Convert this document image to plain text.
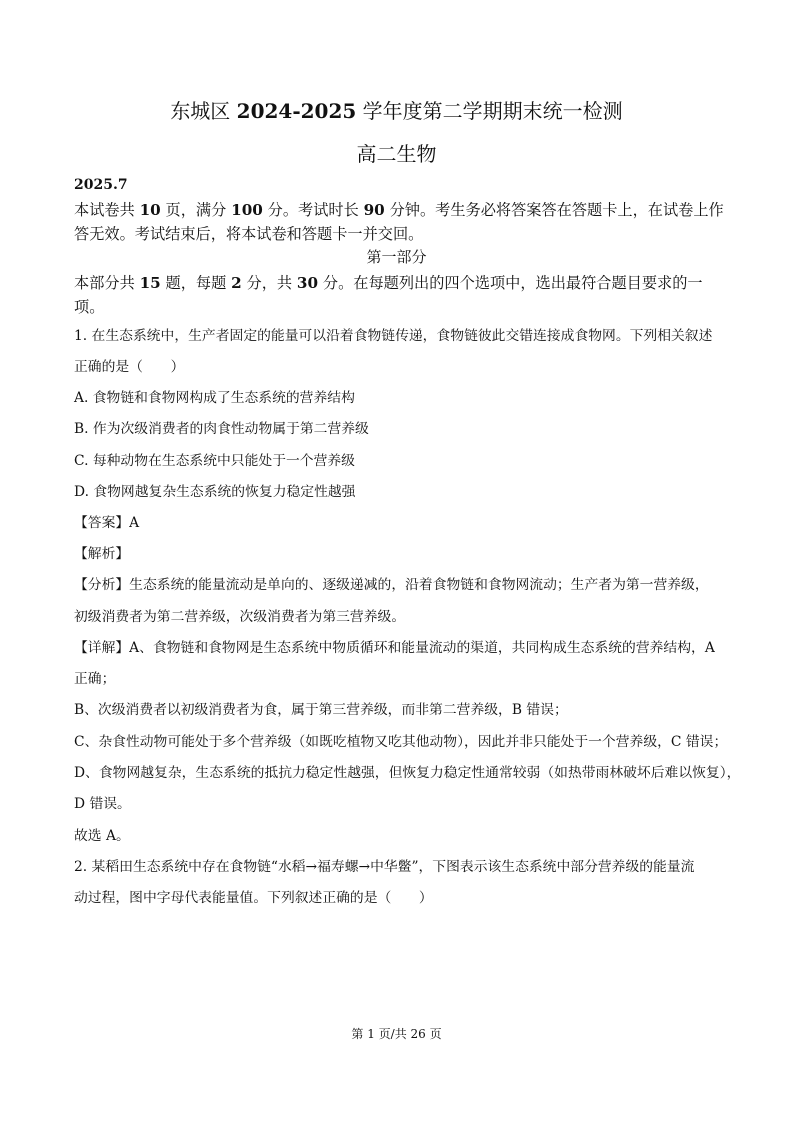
东城区 2024-2025 学年度第二学期期末统一检测
高二生物
2025.7
本试卷共 10 页，满分 100 分。考试时长 90 分钟。考生务必将答案答在答题卡上，在试卷上作答无效。考试结束后，将本试卷和答题卡一并交回。
第一部分
本部分共 15 题，每题 2 分，共 30 分。在每题列出的四个选项中，选出最符合题目要求的一项。
1. 在生态系统中，生产者固定的能量可以沿着食物链传递，食物链彼此交错连接成食物网。下列相关叙述
正确的是（　　）
A. 食物链和食物网构成了生态系统的营养结构
B. 作为次级消费者的肉食性动物属于第二营养级
C. 每种动物在生态系统中只能处于一个营养级
D. 食物网越复杂生态系统的恢复力稳定性越强
【答案】A
【解析】
【分析】生态系统的能量流动是单向的、逐级递减的，沿着食物链和食物网流动；生产者为第一营养级，
初级消费者为第二营养级，次级消费者为第三营养级。
【详解】A、食物链和食物网是生态系统中物质循环和能量流动的渠道，共同构成生态系统的营养结构，A
正确；
B、次级消费者以初级消费者为食，属于第三营养级，而非第二营养级，B 错误；
C、杂食性动物可能处于多个营养级（如既吃植物又吃其他动物），因此并非只能处于一个营养级，C 错误；
D、食物网越复杂，生态系统的抵抗力稳定性越强，但恢复力稳定性通常较弱（如热带雨林破坏后难以恢复），
D 错误。
故选 A。
2. 某稻田生态系统中存在食物链“水稻→福寿螺→中华鳖”，下图表示该生态系统中部分营养级的能量流
动过程，图中字母代表能量值。下列叙述正确的是（　　）
第 1 页/共 26 页
